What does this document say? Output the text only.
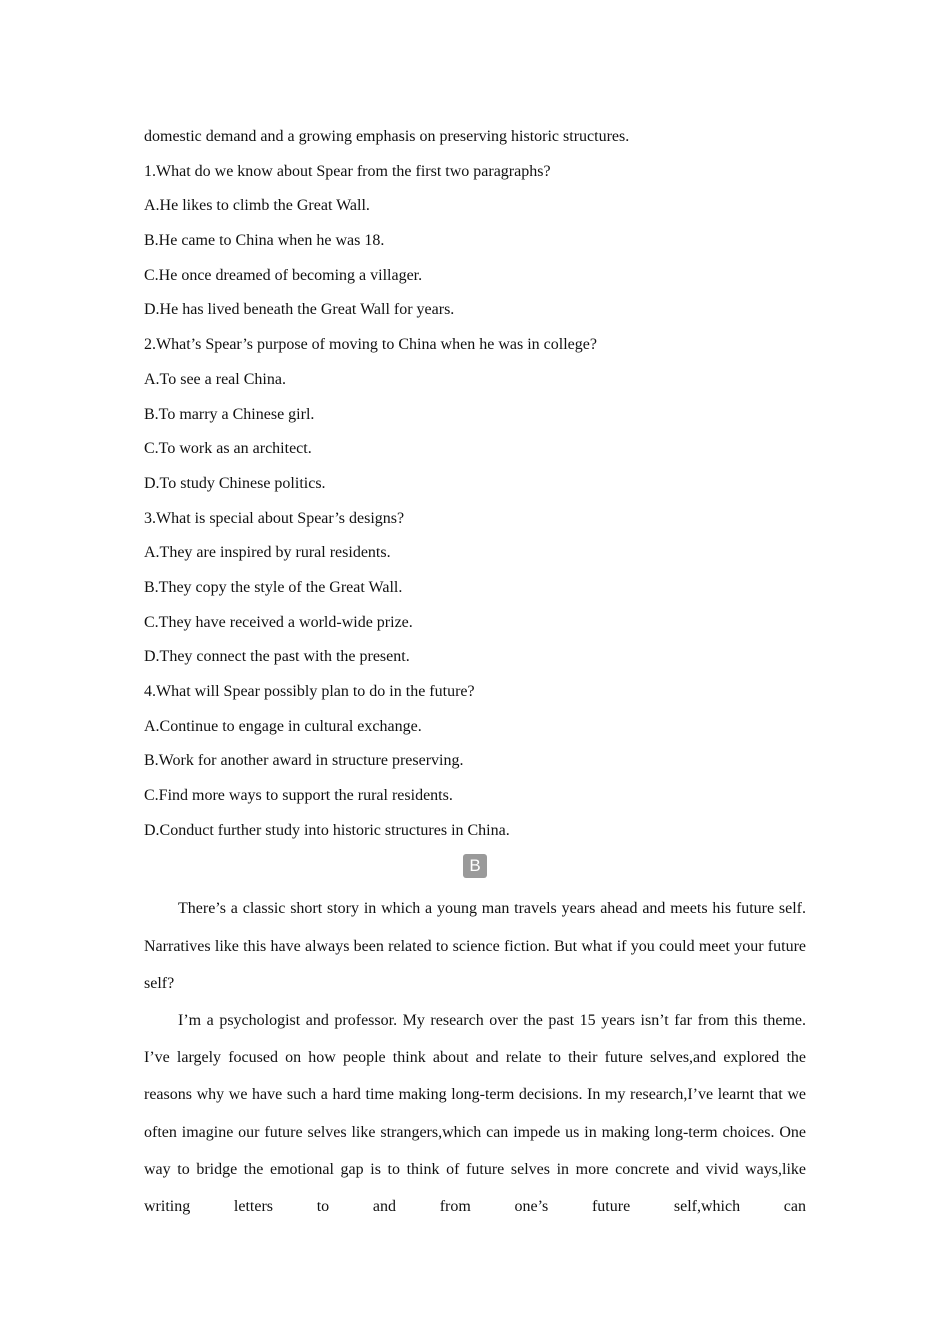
domestic demand and a growing emphasis on preserving historic structures.
1.What do we know about Spear from the first two paragraphs?
A.He likes to climb the Great Wall.
B.He came to China when he was 18.
C.He once dreamed of becoming a villager.
D.He has lived beneath the Great Wall for years.
2.What’s Spear’s purpose of moving to China when he was in college?
A.To see a real China.
B.To marry a Chinese girl.
C.To work as an architect.
D.To study Chinese politics.
3.What is special about Spear’s designs?
A.They are inspired by rural residents.
B.They copy the style of the Great Wall.
C.They have received a world-wide prize.
D.They connect the past with the present.
4.What will Spear possibly plan to do in the future?
A.Continue to engage in cultural exchange.
B.Work for another award in structure preserving.
C.Find more ways to support the rural residents.
D.Conduct further study into historic structures in China.
B

There’s a classic short story in which a young man travels years ahead and meets his future self. Narratives like this have always been related to science fiction. But what if you could meet your future self?

I’m a psychologist and professor. My research over the past 15 years isn’t far from this theme. I’ve largely focused on how people think about and relate to their future selves,and explored the reasons why we have such a hard time making long-term decisions. In my research,I’ve learnt that we often imagine our future selves like strangers,which can impede us in making long-term choices. One way to bridge the emotional gap is to think of future selves in more concrete and vivid ways,like writing letters to and from one’s future self,which can
